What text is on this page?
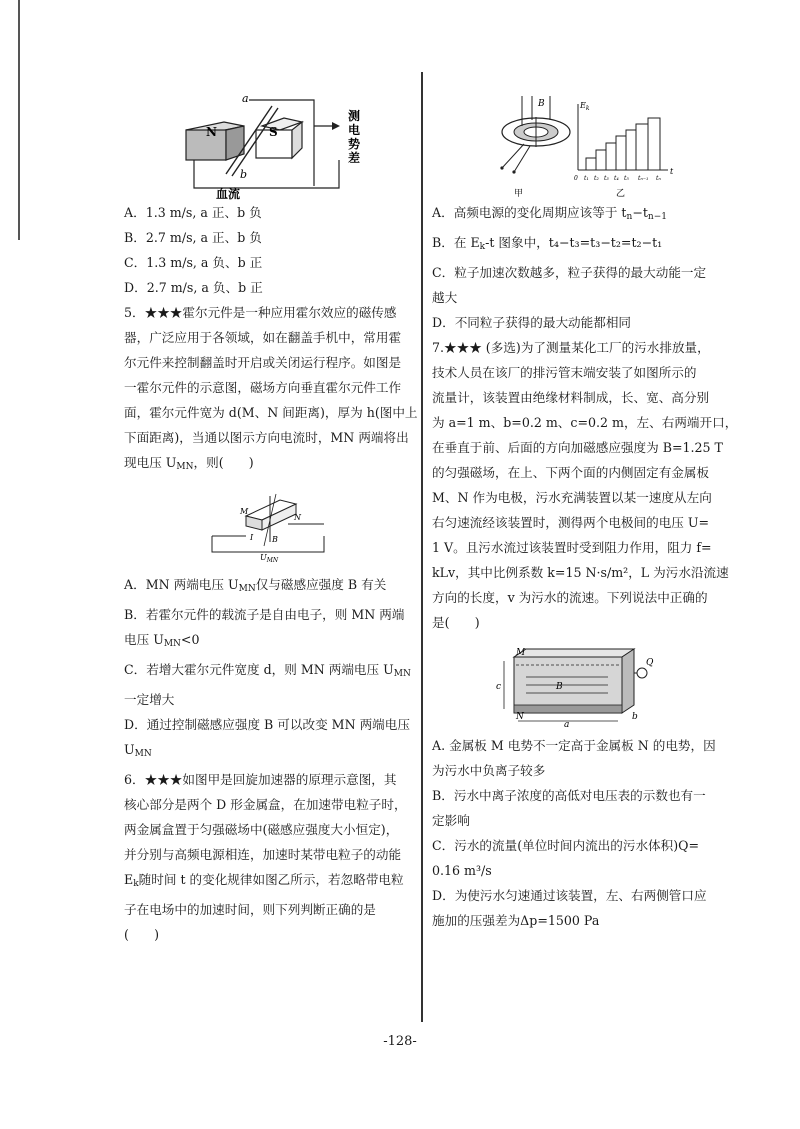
N	S
a
b
测电势差
血流
A．1.3 m/s, a 正、b 负
B．2.7 m/s, a 正、b 负
C．1.3 m/s, a 负、b 正
D．2.7 m/s, a 负、b 正
5．★★★霍尔元件是一种应用霍尔效应的磁传感
器，广泛应用于各领域，如在翻盖手机中，常用霍
尔元件来控制翻盖时开启或关闭运行程序。如图是
一霍尔元件的示意图，磁场方向垂直霍尔元件工作
面，霍尔元件宽为 d(M、N 间距离)，厚为 h(图中上
下面距离)，当通以图示方向电流时，MN 两端将出
现电压 $U_{MN}$，则(　　)
M
N
I B
$U_{MN}$
A．MN 两端电压 $U_{MN}$仅与磁感应强度 B 有关
B．若霍尔元件的载流子是自由电子，则 MN 两端
电压 $U_{MN}<0$
C．若增大霍尔元件宽度 d，则 MN 两端电压 $U_{MN}$
一定增大
D．通过控制磁感应强度 B 可以改变 MN 两端电压
$U_{MN}$
6．★★★如图甲是回旋加速器的原理示意图，其
核心部分是两个 D 形金属盒，在加速带电粒子时，
两金属盒置于匀强磁场中(磁感应强度大小恒定)，
并分别与高频电源相连，加速时某带电粒子的动能
$E_k$随时间 t 的变化规律如图乙所示，若忽略带电粒
子在电场中的加速时间，则下列判断正确的是
(　　)
B
甲
$E_k$
t
0 t₁ t₂ t₃ t₄ t₅ tₙ₋₁ tₙ
乙
A．高频电源的变化周期应该等于 $t_n-t_{n-1}$
B．在 $E_k-t$ 图象中，t₄−t₃=t₃−t₂=t₂−t₁
C．粒子加速次数越多，粒子获得的最大动能一定
越大
D．不同粒子获得的最大动能都相同
7.★★★ (多选)为了测量某化工厂的污水排放量，
技术人员在该厂的排污管末端安装了如图所示的
流量计，该装置由绝缘材料制成，长、宽、高分别
为 a=1 m、b=0.2 m、c=0.2 m，左、右两端开口，
在垂直于前、后面的方向加磁感应强度为 B=1.25 T
的匀强磁场，在上、下两个面的内侧固定有金属板
M、N 作为电极，污水充满装置以某一速度从左向
右匀速流经该装置时，测得两个电极间的电压 U=
1 V。且污水流过该装置时受到阻力作用，阻力 f=
kLv，其中比例系数 k=15 N·s/m²，L 为污水沿流速
方向的长度，v 为污水的流速。下列说法中正确的
是(　　)
M
N
B
c
a
b
Q
A. 金属板 M 电势不一定高于金属板 N 的电势，因
为污水中负离子较多
B．污水中离子浓度的高低对电压表的示数也有一
定影响
C．污水的流量(单位时间内流出的污水体积)Q=
0.16 m³/s
D．为使污水匀速通过该装置，左、右两侧管口应
施加的压强差为Δp=1500 Pa
-128-
